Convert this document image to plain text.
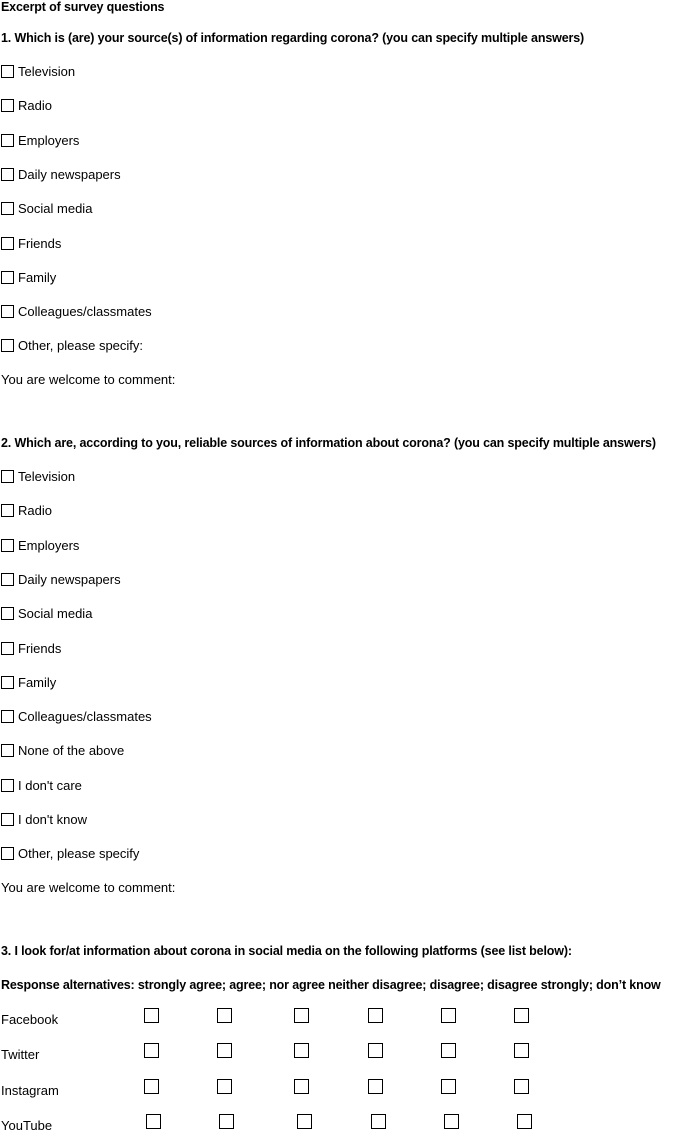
Excerpt of survey questions
1. Which is (are) your source(s) of information regarding corona? (you can specify multiple answers)
Television
Radio
Employers
Daily newspapers
Social media
Friends
Family
Colleagues/classmates
Other, please specify:
You are welcome to comment:
2. Which are, according to you, reliable sources of information about corona? (you can specify multiple answers)
Television
Radio
Employers
Daily newspapers
Social media
Friends
Family
Colleagues/classmates
None of the above
I don't care
I don't know
Other, please specify
You are welcome to comment:
3. I look for/at information about corona in social media on the following platforms (see list below):
Response alternatives: strongly agree; agree; nor agree neither disagree; disagree; disagree strongly; don’t know
Facebook
Twitter
Instagram
YouTube
